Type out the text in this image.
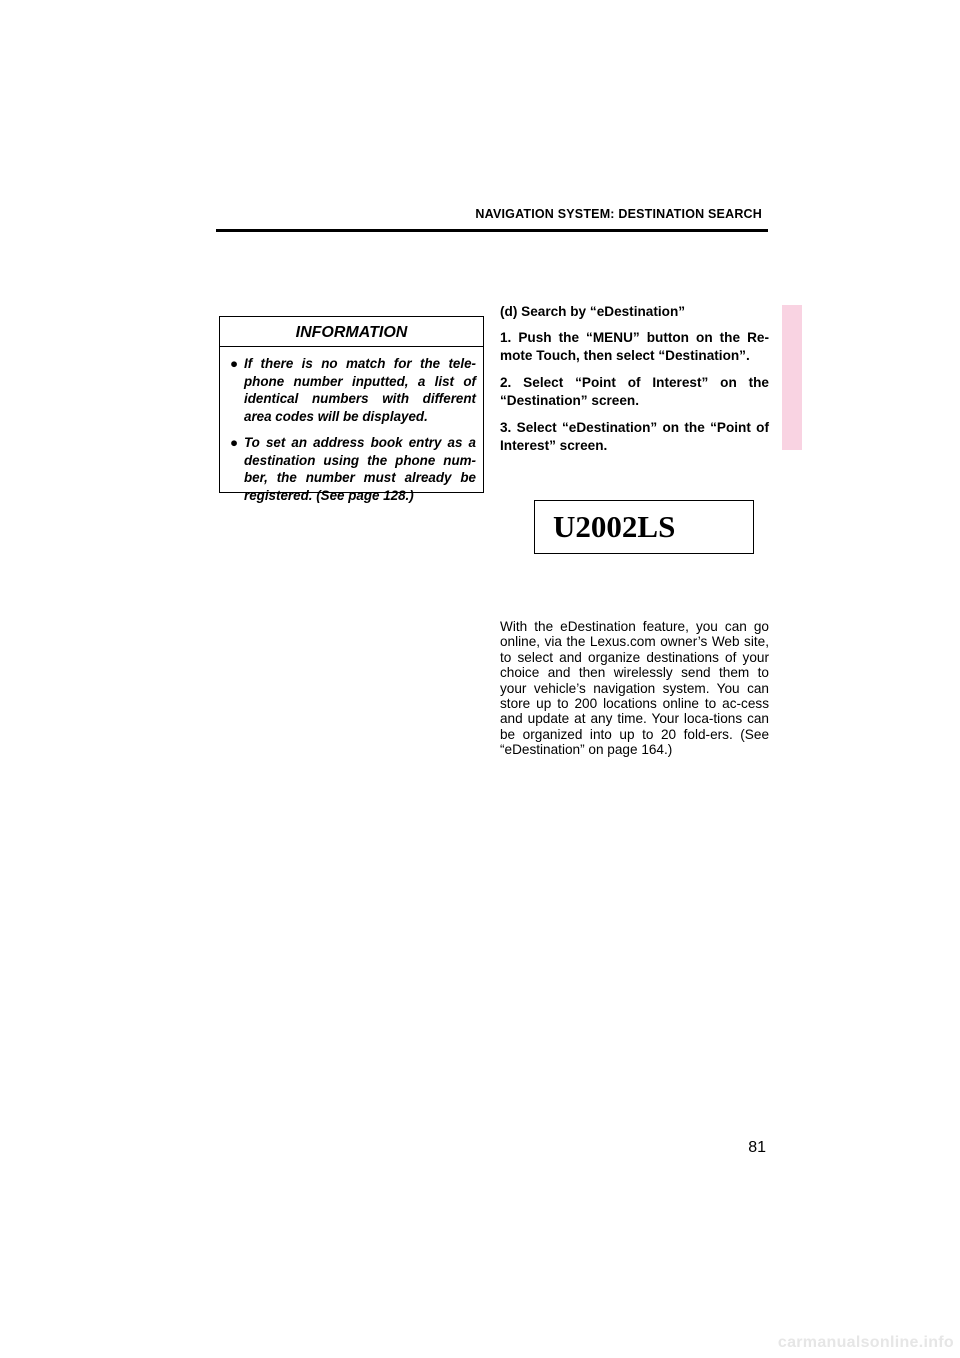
NAVIGATION SYSTEM: DESTINATION SEARCH
INFORMATION
● If there is no match for the tele-phone number inputted, a list of identical numbers with different area codes will be displayed.
● To set an address book entry as a destination using the phone num-ber, the number must already be registered. (See page 128.)
(d) Search by “eDestination”
1. Push the “MENU” button on the Re-mote Touch, then select “Destination”.
2. Select “Point of Interest” on the “Destination” screen.
3. Select “eDestination” on the “Point of Interest” screen.
U2002LS
With the eDestination feature, you can go online, via the Lexus.com owner’s Web site, to select and organize destinations of your choice and then wirelessly send them to your vehicle’s navigation system. You can store up to 200 locations online to ac-cess and update at any time. Your loca-tions can be organized into up to 20 fold-ers. (See “eDestination” on page 164.)
81
carmanualsonline.info
